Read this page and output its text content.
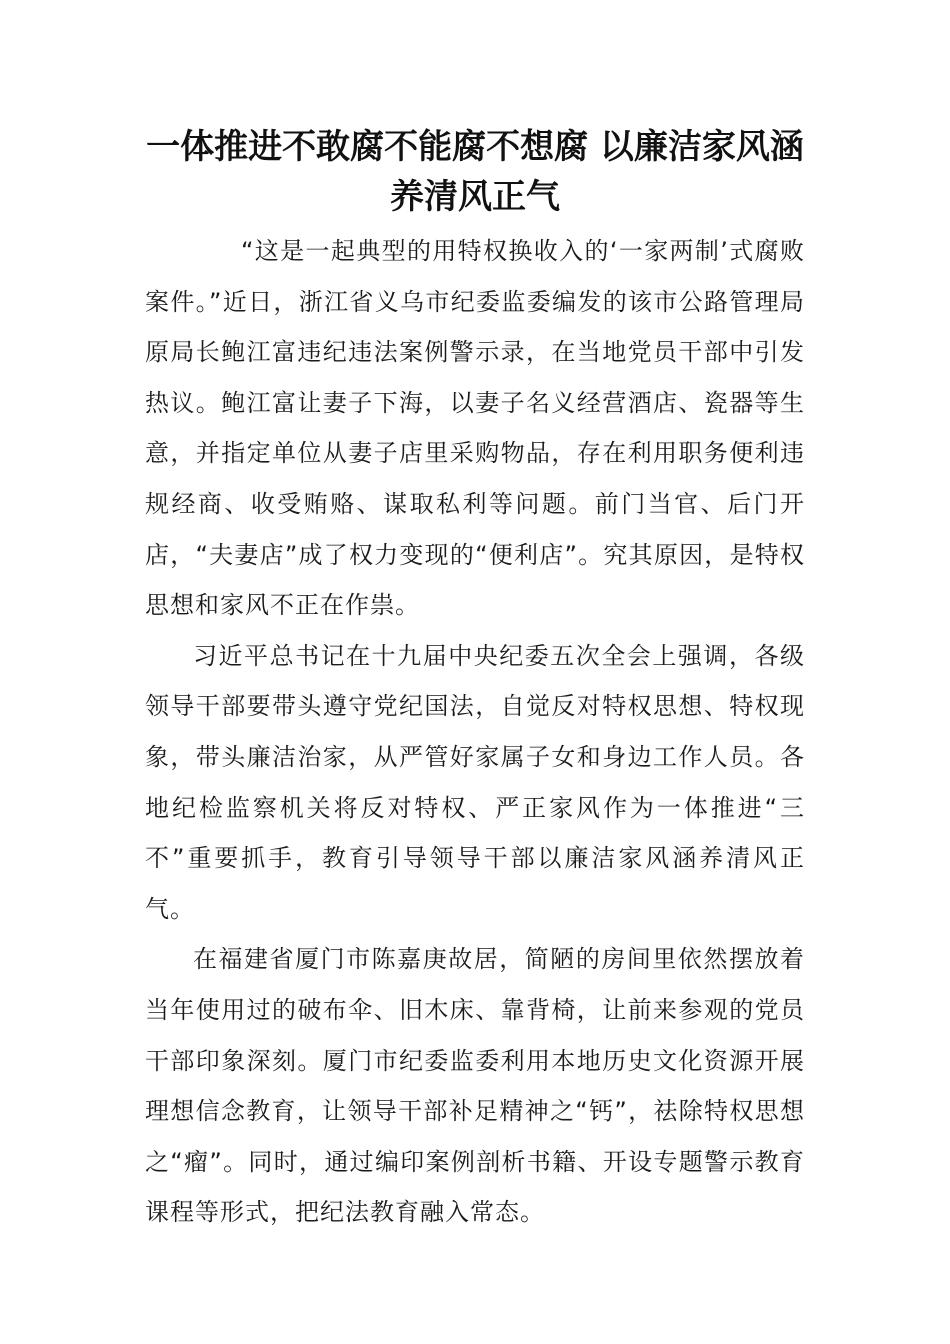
一体推进不敢腐不能腐不想腐 以廉洁家风涵养清风正气

“这是一起典型的用特权换收入的‘一家两制’式腐败案件。”近日，浙江省义乌市纪委监委编发的该市公路管理局原局长鲍江富违纪违法案例警示录，在当地党员干部中引发热议。鲍江富让妻子下海，以妻子名义经营酒店、瓷器等生意，并指定单位从妻子店里采购物品，存在利用职务便利违规经商、收受贿赂、谋取私利等问题。前门当官、后门开店，“夫妻店”成了权力变现的“便利店”。究其原因，是特权思想和家风不正在作祟。

习近平总书记在十九届中央纪委五次全会上强调，各级领导干部要带头遵守党纪国法，自觉反对特权思想、特权现象，带头廉洁治家，从严管好家属子女和身边工作人员。各地纪检监察机关将反对特权、严正家风作为一体推进“三不”重要抓手，教育引导领导干部以廉洁家风涵养清风正气。

在福建省厦门市陈嘉庚故居，简陋的房间里依然摆放着当年使用过的破布伞、旧木床、靠背椅，让前来参观的党员干部印象深刻。厦门市纪委监委利用本地历史文化资源开展理想信念教育，让领导干部补足精神之“钙”，祛除特权思想之“瘤”。同时，通过编印案例剖析书籍、开设专题警示教育课程等形式，把纪法教育融入常态。
